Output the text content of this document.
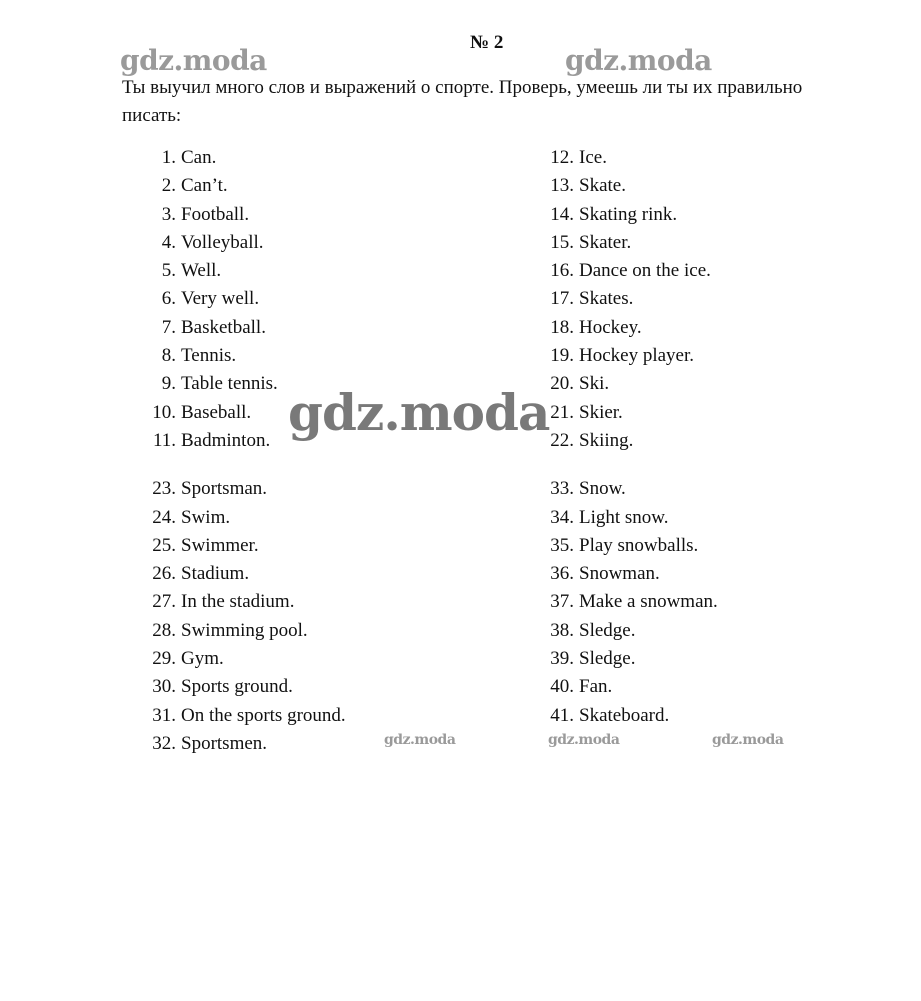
№ 2
Ты выучил много слов и выражений о спорте. Проверь, умеешь ли ты их правильно писать:
1. Can.
2. Can’t.
3. Football.
4. Volleyball.
5. Well.
6. Very well.
7. Basketball.
8. Tennis.
9. Table tennis.
10. Baseball.
11. Badminton.
23. Sportsman.
24. Swim.
25. Swimmer.
26. Stadium.
27. In the stadium.
28. Swimming pool.
29. Gym.
30. Sports ground.
31. On the sports ground.
32. Sportsmen.
12. Ice.
13. Skate.
14. Skating rink.
15. Skater.
16. Dance on the ice.
17. Skates.
18. Hockey.
19. Hockey player.
20. Ski.
21. Skier.
22. Skiing.
33. Snow.
34. Light snow.
35. Play snowballs.
36. Snowman.
37. Make a snowman.
38. Sledge.
39. Sledge.
40. Fan.
41. Skateboard.
gdz.moda	gdz.moda
gdz.moda
gdz.moda	gdz.moda	gdz.moda
